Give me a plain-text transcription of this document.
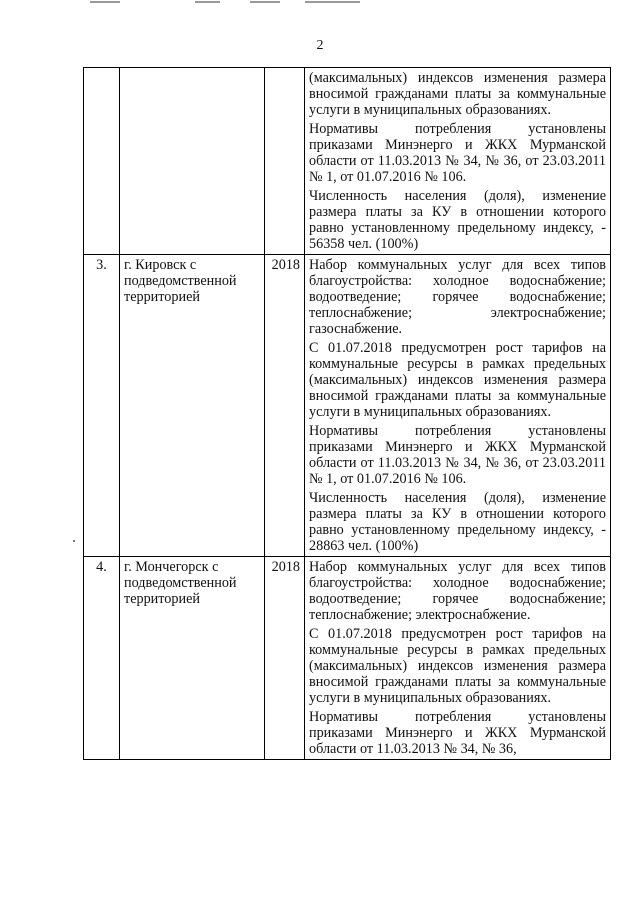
2

			(максимальных) индексов изменения размера вносимой гражданами платы за коммунальные услуги в муниципальных образованиях.

Нормативы потребления установлены приказами Минэнерго и ЖКХ Мурманской области от 11.03.2013 № 34, № 36, от 23.03.2011 № 1, от 01.07.2016 № 106.

Численность населения (доля), изменение размера платы за КУ в отношении которого равно установленному предельному индексу, - 56358 чел. (100%)

3.	г. Кировск с подведомственной территорией	2018	Набор коммунальных услуг для всех типов благоустройства: холодное водоснабжение; водоотведение; горячее водоснабжение; теплоснабжение; электроснабжение; газоснабжение.

С 01.07.2018 предусмотрен рост тарифов на коммунальные ресурсы в рамках предельных (максимальных) индексов изменения размера вносимой гражданами платы за коммунальные услуги в муниципальных образованиях.

Нормативы потребления установлены приказами Минэнерго и ЖКХ Мурманской области от 11.03.2013 № 34, № 36, от 23.03.2011 № 1, от 01.07.2016 № 106.

Численность населения (доля), изменение размера платы за КУ в отношении которого равно установленному предельному индексу, - 28863 чел. (100%)

4.	г. Мончегорск с подведомственной территорией	2018	Набор коммунальных услуг для всех типов благоустройства: холодное водоснабжение; водоотведение; горячее водоснабжение; теплоснабжение; электроснабжение.

С 01.07.2018 предусмотрен рост тарифов на коммунальные ресурсы в рамках предельных (максимальных) индексов изменения размера вносимой гражданами платы за коммунальные услуги в муниципальных образованиях.

Нормативы потребления установлены приказами Минэнерго и ЖКХ Мурманской области от 11.03.2013 № 34, № 36,
